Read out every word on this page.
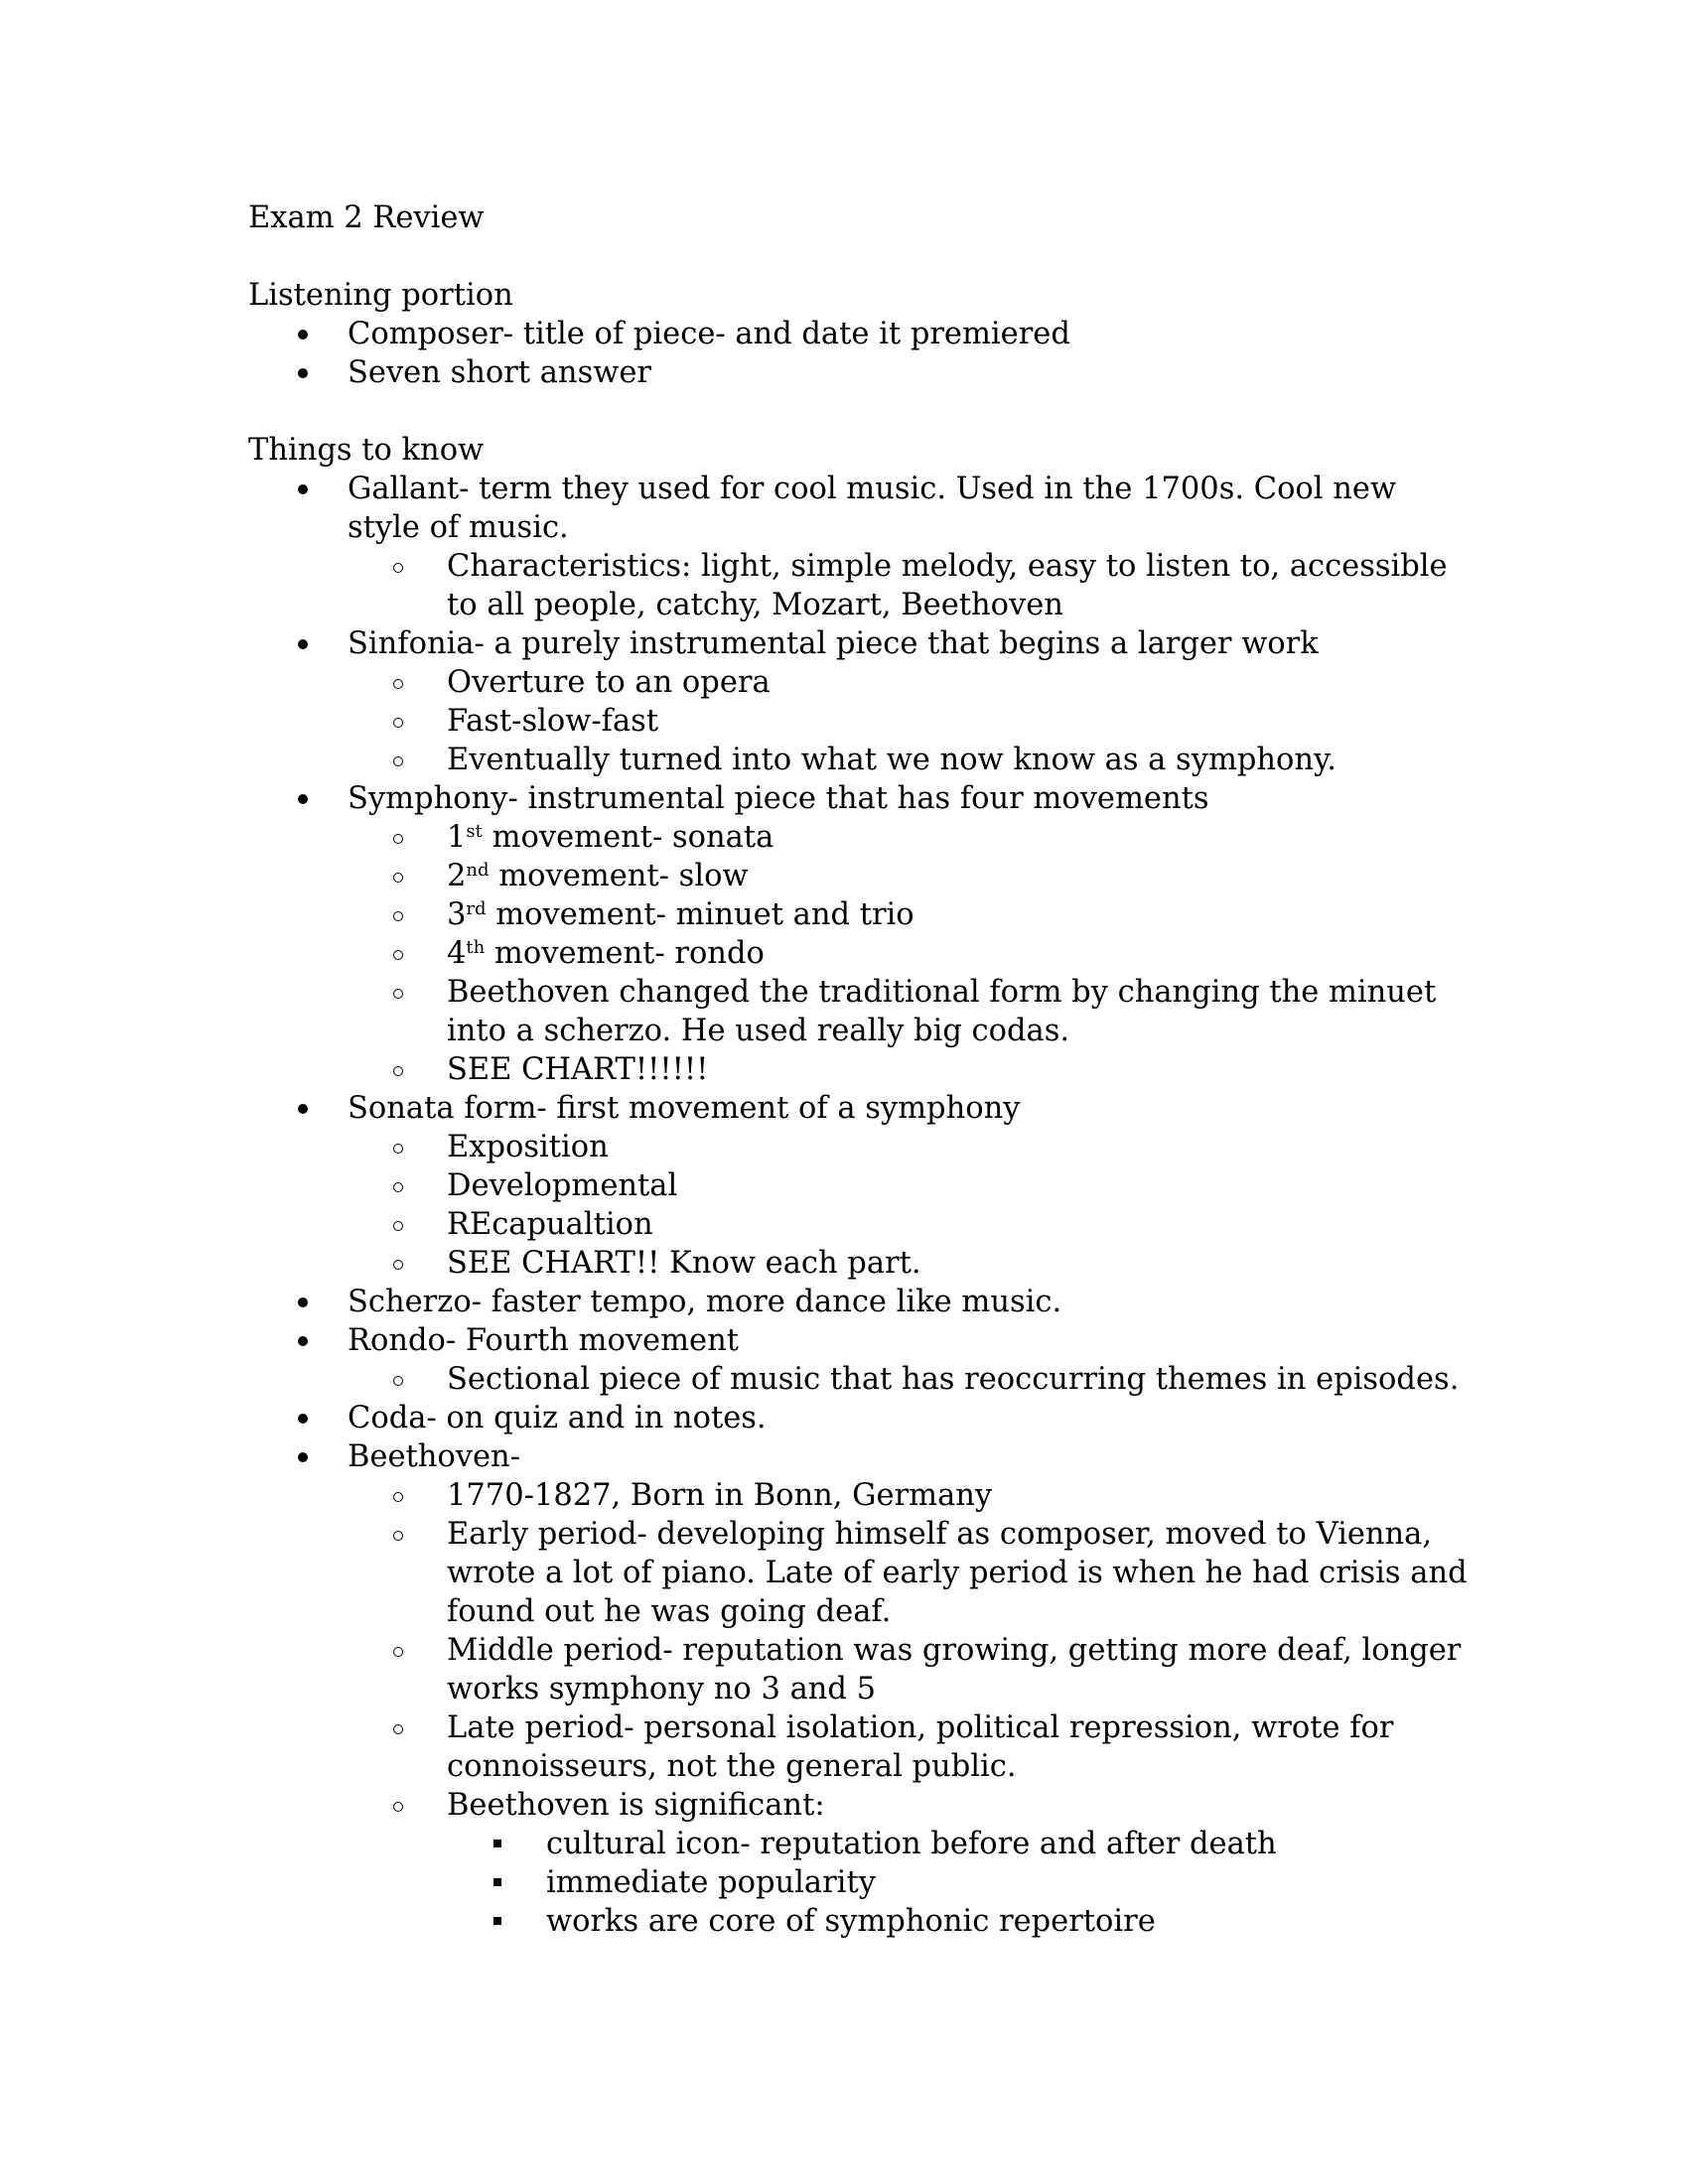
Exam 2 Review

Listening portion

Composer- title of piece- and date it premiered
Seven short answer

Things to know

Gallant- term they used for cool music. Used in the 1700s. Cool new style of music.
Characteristics: light, simple melody, easy to listen to, accessible to all people, catchy, Mozart, Beethoven
Sinfonia- a purely instrumental piece that begins a larger work
Overture to an opera
Fast-slow-fast
Eventually turned into what we now know as a symphony.
Symphony- instrumental piece that has four movements
1st movement- sonata
2nd movement- slow
3rd movement- minuet and trio
4th movement- rondo
Beethoven changed the traditional form by changing the minuet into a scherzo. He used really big codas.
SEE CHART!!!!!!
Sonata form- first movement of a symphony
Exposition
Developmental
REcapualtion
SEE CHART!! Know each part.
Scherzo- faster tempo, more dance like music.
Rondo- Fourth movement
Sectional piece of music that has reoccurring themes in episodes.
Coda- on quiz and in notes.
Beethoven-
1770-1827, Born in Bonn, Germany
Early period- developing himself as composer, moved to Vienna, wrote a lot of piano. Late of early period is when he had crisis and found out he was going deaf.
Middle period- reputation was growing, getting more deaf, longer works symphony no 3 and 5
Late period- personal isolation, political repression, wrote for connoisseurs, not the general public.
Beethoven is significant:
cultural icon- reputation before and after death
immediate popularity
works are core of symphonic repertoire
